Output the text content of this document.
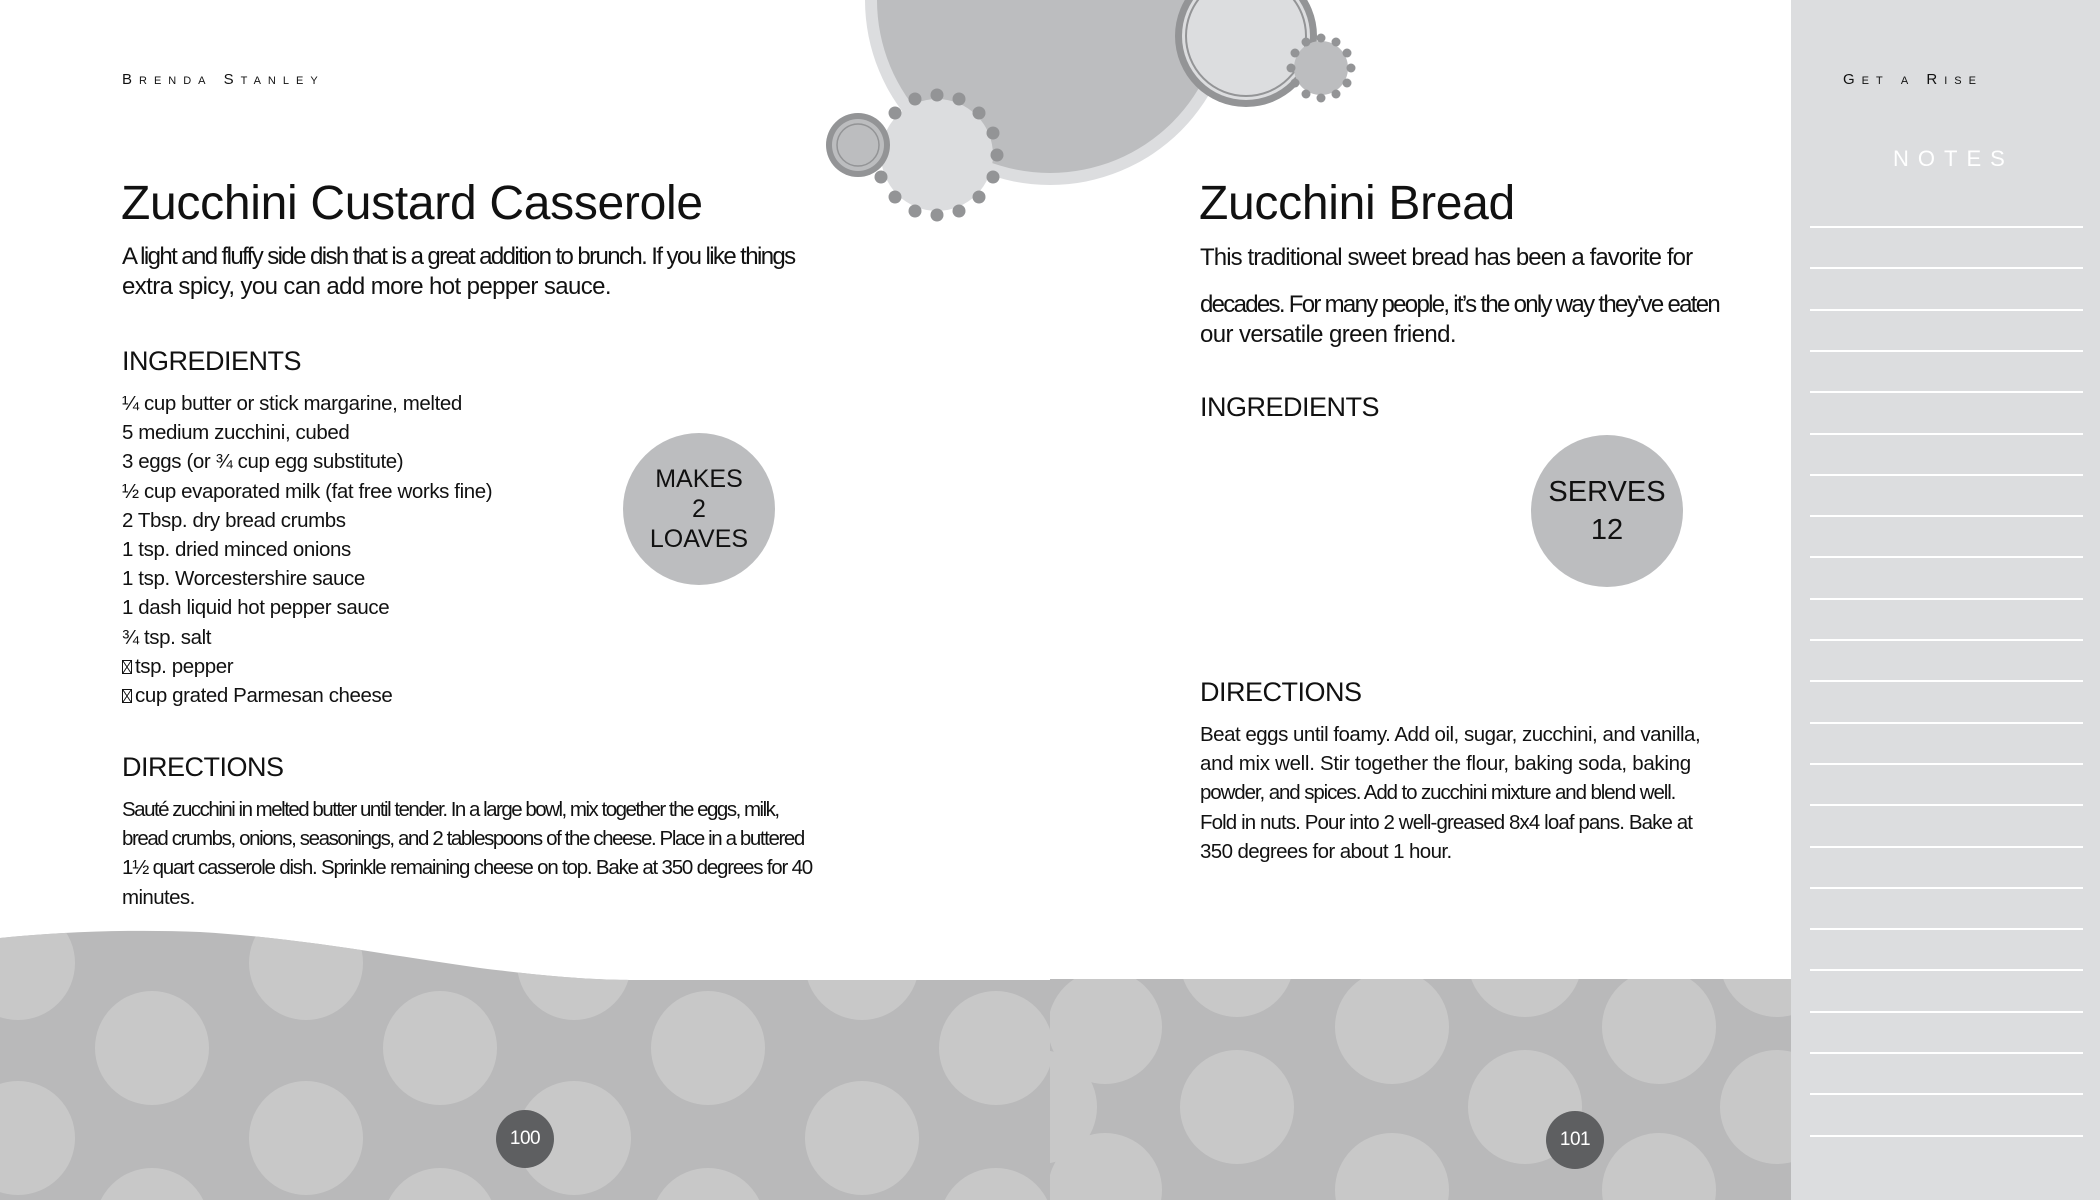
Brenda Stanley
Zucchini Custard Casserole
A light and fluffy side dish that is a great addition to brunch. If you like things
extra spicy, you can add more hot pepper sauce.
INGREDIENTS
¼ cup butter or stick margarine, melted
5 medium zucchini, cubed
3 eggs (or ¾ cup egg substitute)
½ cup evaporated milk (fat free works fine)
2 Tbsp. dry bread crumbs
1 tsp. dried minced onions
1 tsp. Worcestershire sauce
1 dash liquid hot pepper sauce
¾ tsp. salt
tsp. pepper
cup grated Parmesan cheese
MAKES
2
LOAVES
DIRECTIONS
Sauté zucchini in melted butter until tender. In a large bowl, mix together the eggs, milk,
bread crumbs, onions, seasonings, and 2 tablespoons of the cheese. Place in a buttered
1½ quart casserole dish. Sprinkle remaining cheese on top. Bake at 350 degrees for 40
minutes.
100
Zucchini Bread
This traditional sweet bread has been a favorite for
decades. For many people, it’s the only way they’ve eaten
our versatile green friend.
INGREDIENTS
SERVES
12
DIRECTIONS
Beat eggs until foamy. Add oil, sugar, zucchini, and vanilla,
and mix well. Stir together the flour, baking soda, baking
powder, and spices. Add to zucchini mixture and blend well.
Fold in nuts. Pour into 2 well-greased 8x4 loaf pans. Bake at
350 degrees for about 1 hour.
101
Get a Rise
NOTES
